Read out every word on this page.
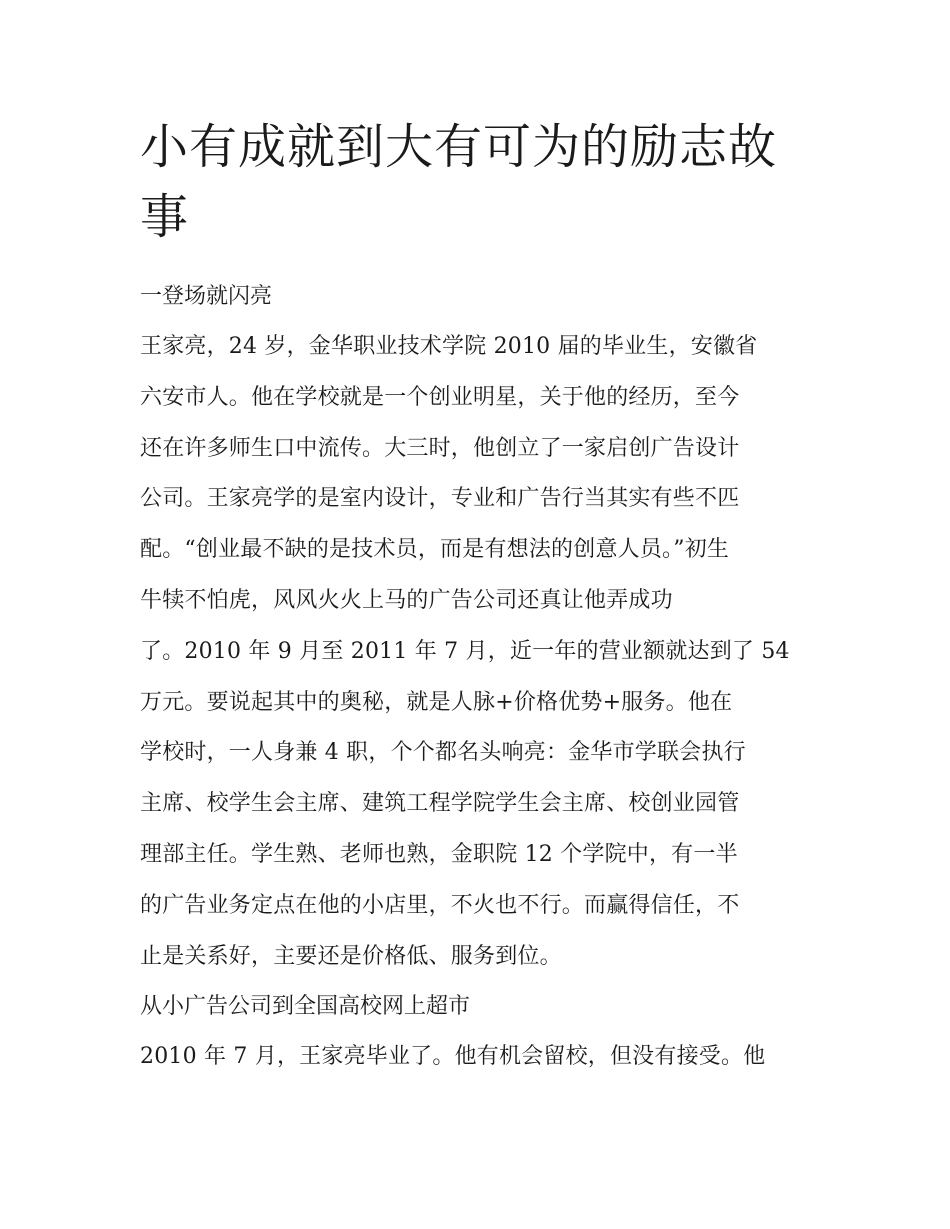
小有成就到大有可为的励志故
事

一登场就闪亮

王家亮，24 岁，金华职业技术学院 2010 届的毕业生，安徽省

六安市人。他在学校就是一个创业明星，关于他的经历，至今

还在许多师生口中流传。大三时，他创立了一家启创广告设计

公司。王家亮学的是室内设计，专业和广告行当其实有些不匹

配。“创业最不缺的是技术员，而是有想法的创意人员。”初生

牛犊不怕虎，风风火火上马的广告公司还真让他弄成功

了。2010 年 9 月至 2011 年 7 月，近一年的营业额就达到了 54

万元。要说起其中的奥秘，就是人脉+价格优势+服务。他在

学校时，一人身兼 4 职，个个都名头响亮：金华市学联会执行

主席、校学生会主席、建筑工程学院学生会主席、校创业园管

理部主任。学生熟、老师也熟，金职院 12 个学院中，有一半

的广告业务定点在他的小店里，不火也不行。而赢得信任，不

止是关系好，主要还是价格低、服务到位。

从小广告公司到全国高校网上超市

2010 年 7 月，王家亮毕业了。他有机会留校，但没有接受。他
